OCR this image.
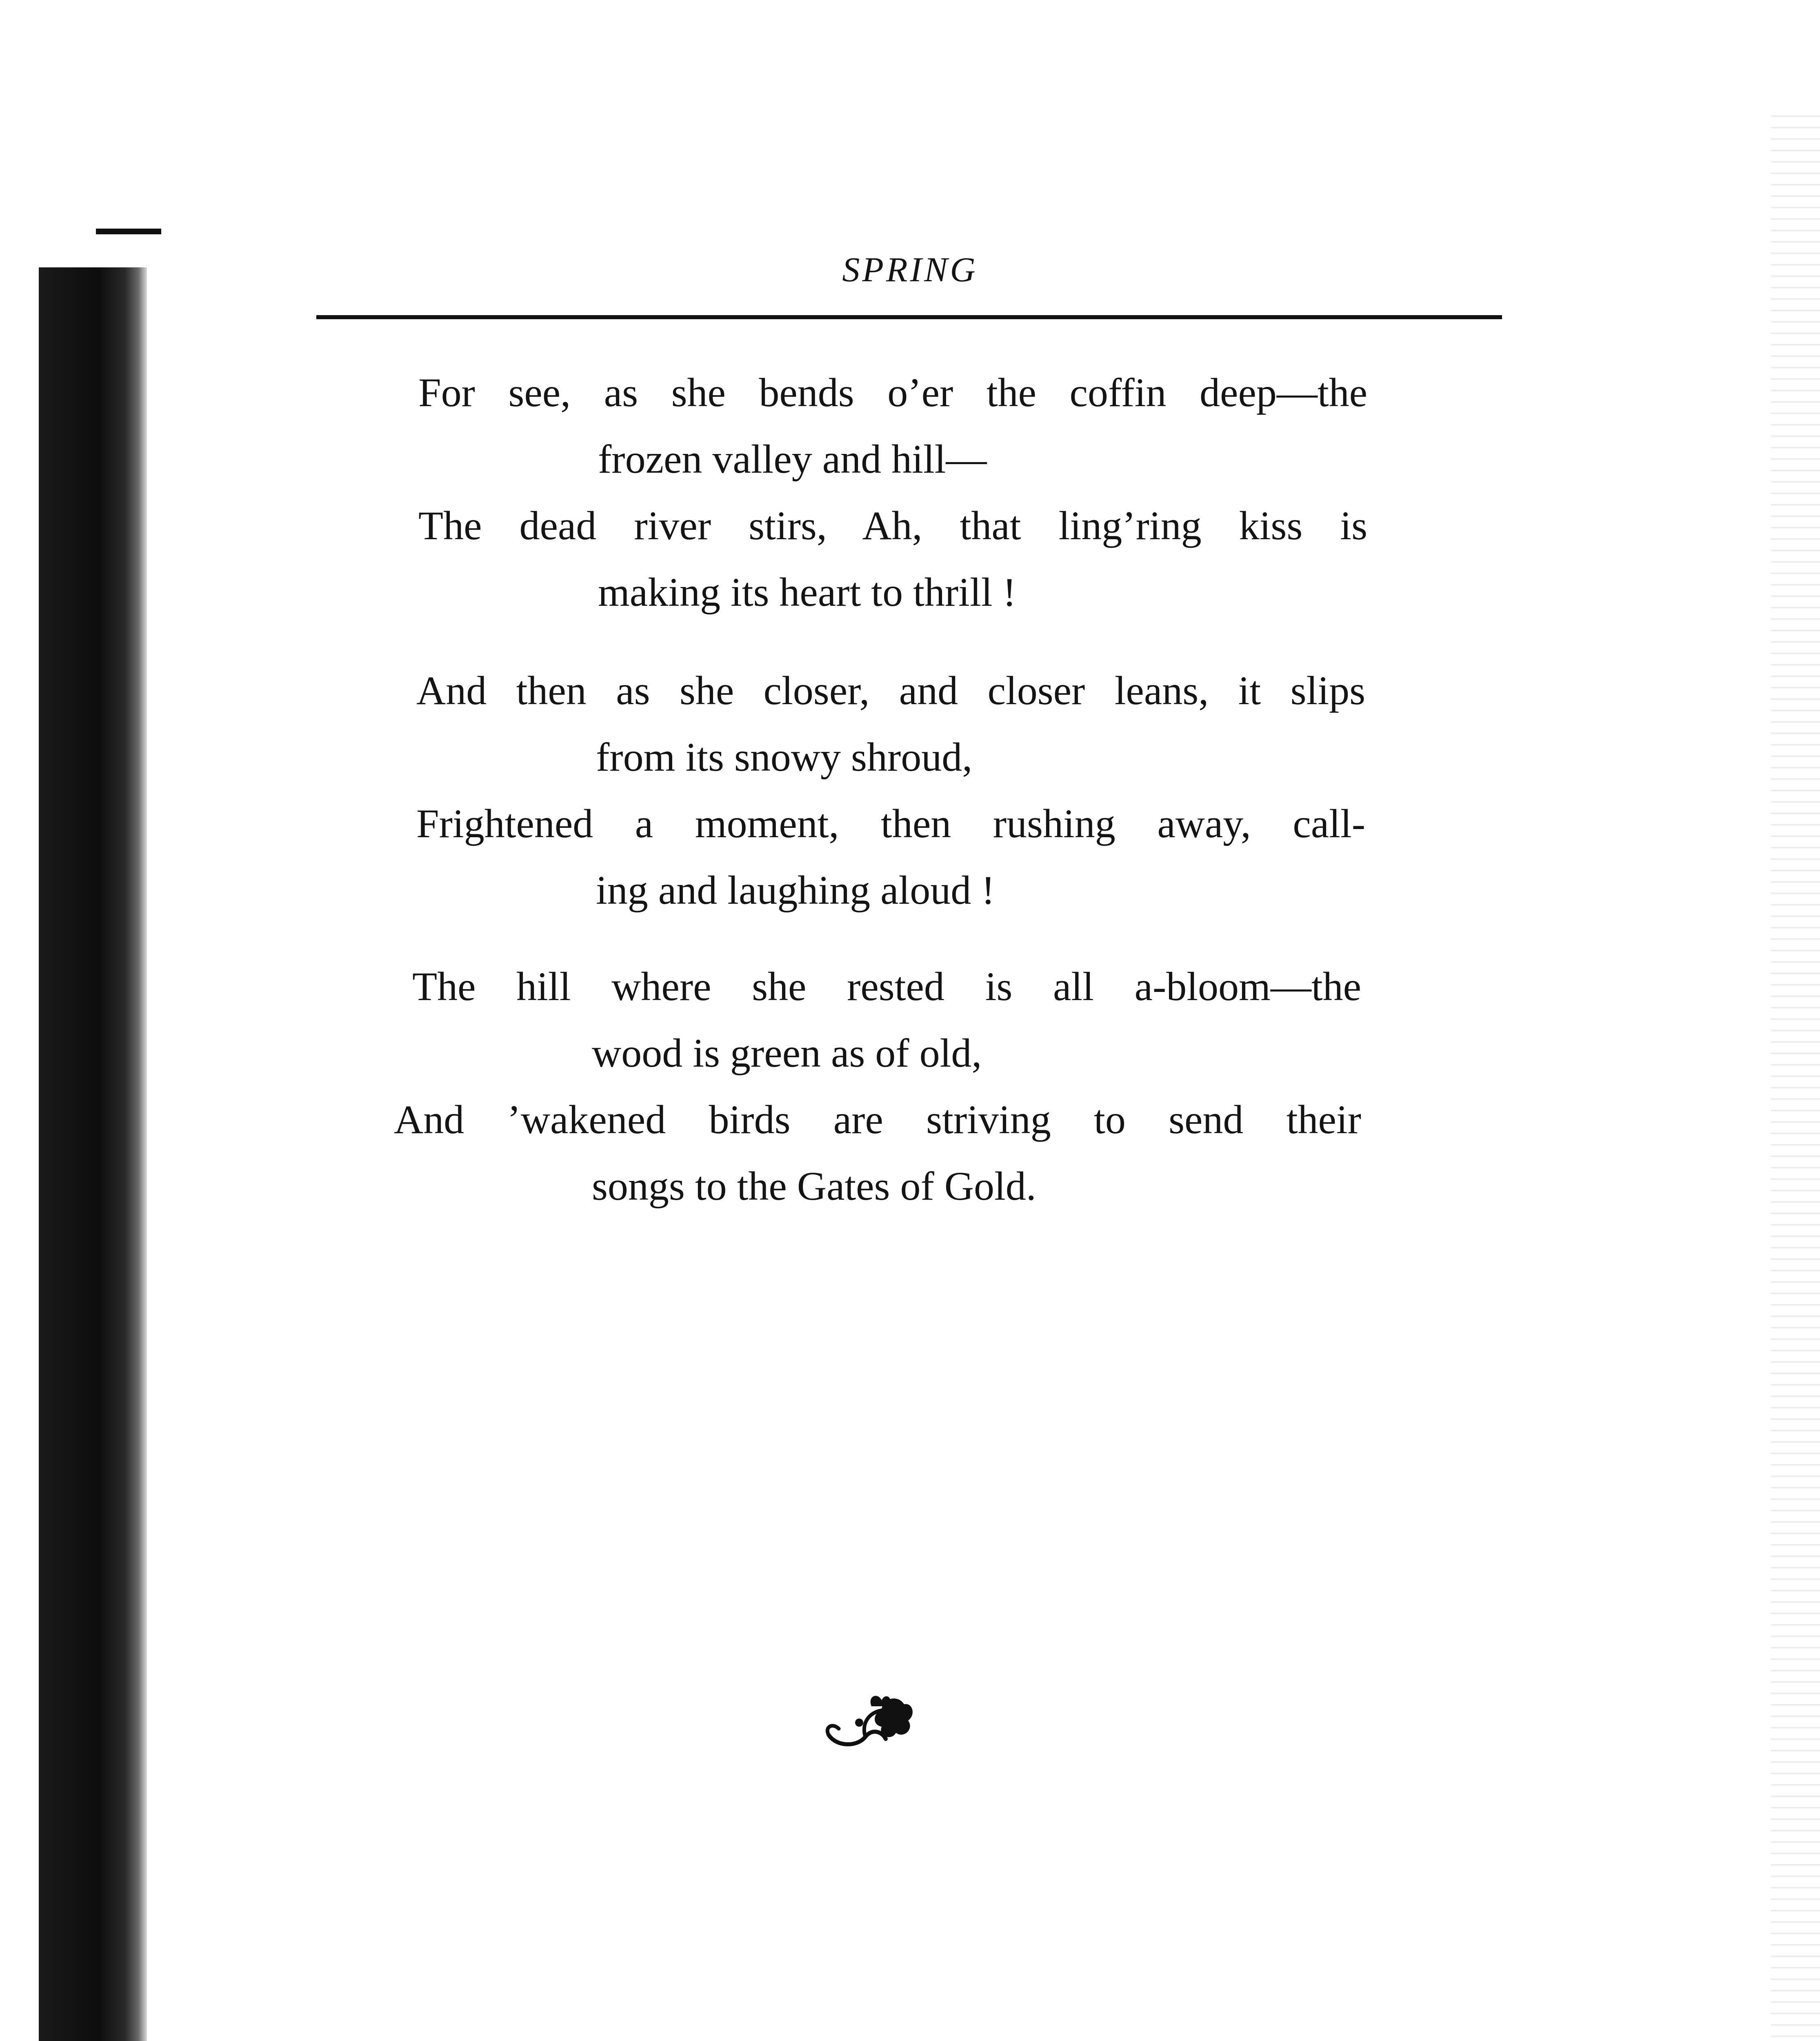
SPRING
For see, as she bends o’er the coffin deep—the
frozen valley and hill—
The dead river stirs, Ah, that ling’ring kiss is
making its heart to thrill !
And then as she closer, and closer leans, it slips
from its snowy shroud,
Frightened a moment, then rushing away, call-
ing and laughing aloud !
The hill where she rested is all a-bloom—the
wood is green as of old,
And ’wakened birds are striving to send their
songs to the Gates of Gold.
